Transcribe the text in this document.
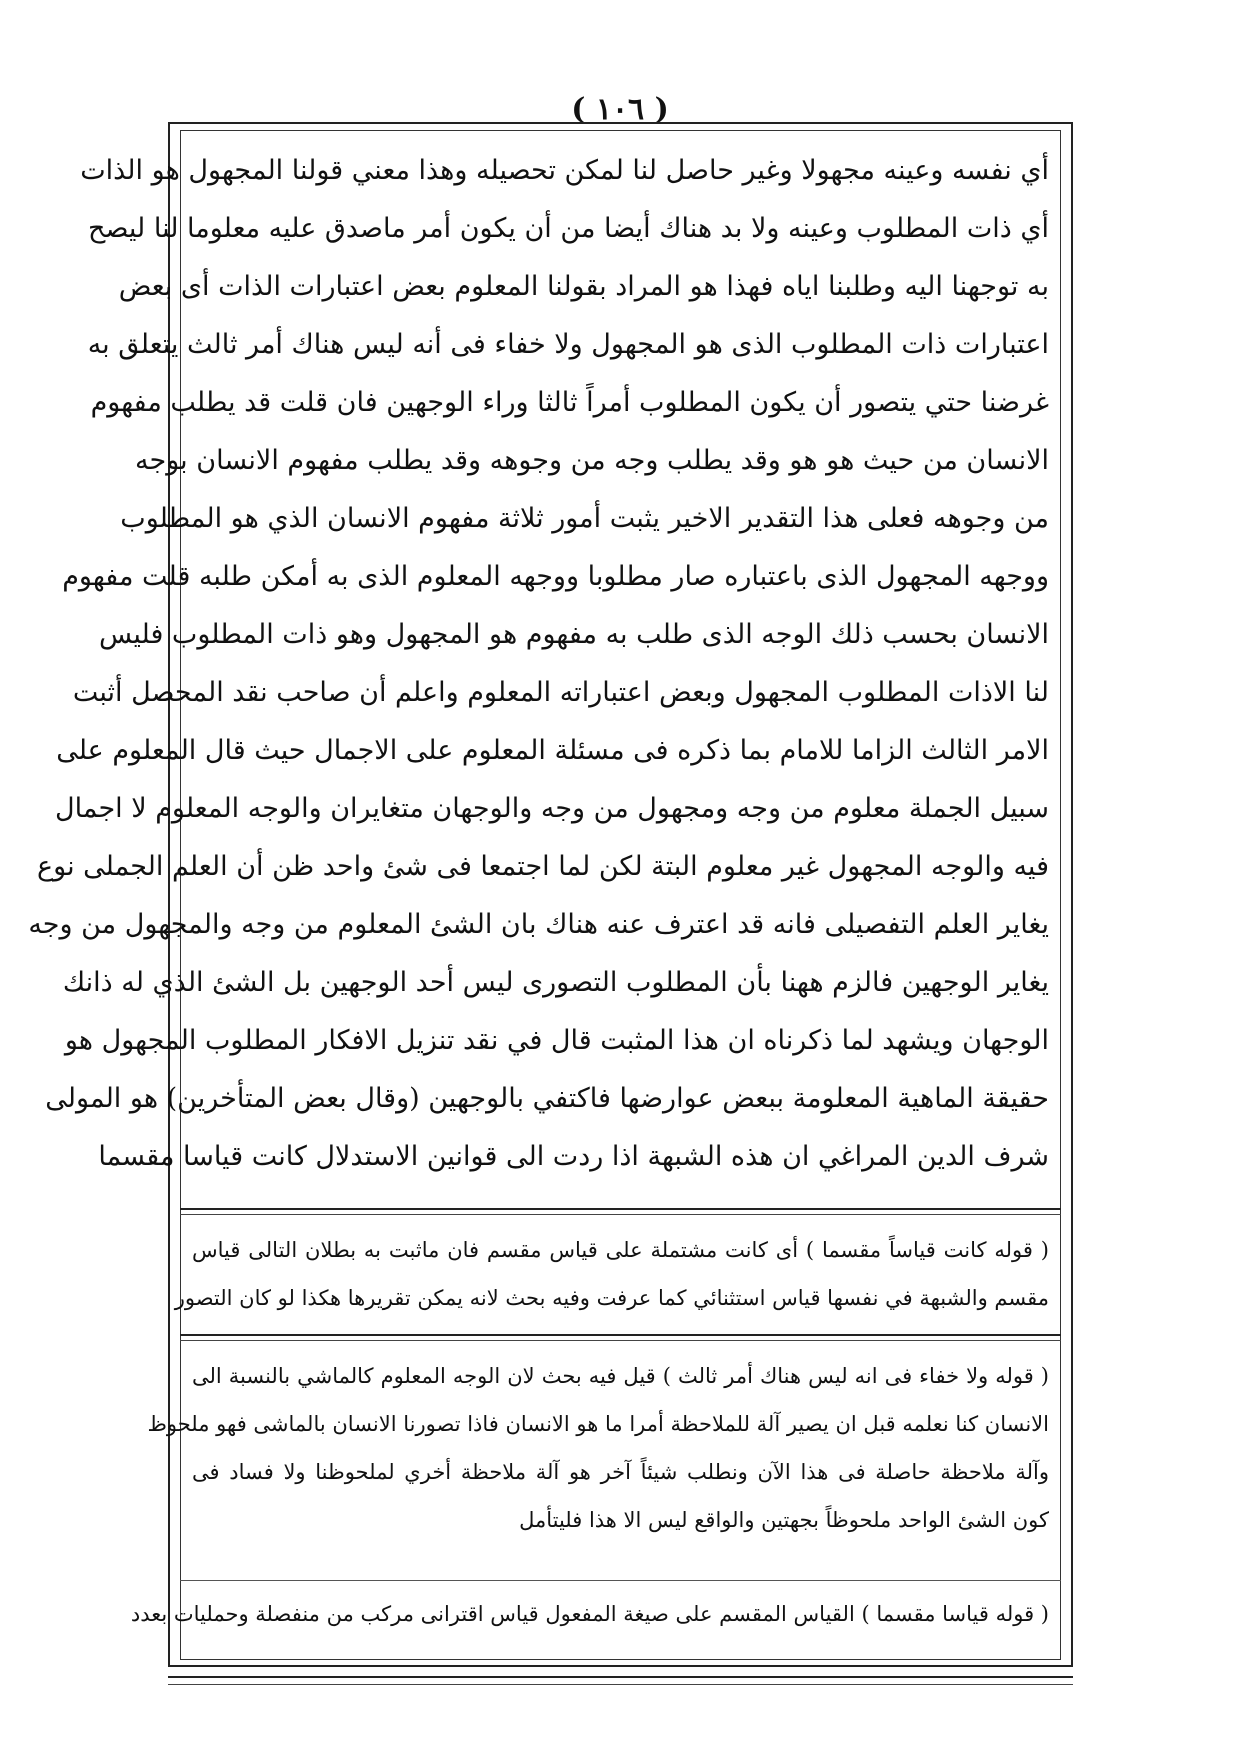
( ١٠٦ )
أي نفسه وعينه مجهولا وغير حاصل لنا لمكن تحصيله وهذا معني قولنا المجهول هو الذات
أي ذات المطلوب وعينه ولا بد هناك أيضا من أن يكون أمر ماصدق عليه معلوما لنا ليصح
به توجهنا اليه وطلبنا اياه فهذا هو المراد بقولنا المعلوم بعض اعتبارات الذات أى بعض
اعتبارات ذات المطلوب الذى هو المجهول ولا خفاء فى أنه ليس هناك أمر ثالث يتعلق به
غرضنا حتي يتصور أن يكون المطلوب أمراً ثالثا وراء الوجهين فان قلت قد يطلب مفهوم
الانسان من حيث هو هو وقد يطلب وجه من وجوهه وقد يطلب مفهوم الانسان بوجه
من وجوهه فعلى هذا التقدير الاخير يثبت أمور ثلاثة مفهوم الانسان الذي هو المطلوب
ووجهه المجهول الذى باعتباره صار مطلوبا ووجهه المعلوم الذى به أمكن طلبه قلت مفهوم
الانسان بحسب ذلك الوجه الذى طلب به مفهوم هو المجهول وهو ذات المطلوب فليس
لنا الاذات المطلوب المجهول وبعض اعتباراته المعلوم واعلم أن صاحب نقد المحصل أثبت
الامر الثالث الزاما للامام بما ذكره فى مسئلة المعلوم على الاجمال حيث قال المعلوم على
سبيل الجملة معلوم من وجه ومجهول من وجه والوجهان متغايران والوجه المعلوم لا اجمال
فيه والوجه المجهول غير معلوم البتة لكن لما اجتمعا فى شئ واحد ظن أن العلم الجملى نوع
يغاير العلم التفصيلى فانه قد اعترف عنه هناك بان الشئ المعلوم من وجه والمجهول من وجه
يغاير الوجهين فالزم ههنا بأن المطلوب التصورى ليس أحد الوجهين بل الشئ الذي له ذانك
الوجهان ويشهد لما ذكرناه ان هذا المثبت قال في نقد تنزيل الافكار المطلوب المجهول هو
حقيقة الماهية المعلومة ببعض عوارضها فاكتفي بالوجهين (وقال بعض المتأخرين) هو المولى
شرف الدين المراغي ان هذه الشبهة اذا ردت الى قوانين الاستدلال كانت قياسا مقسما
( قوله كانت قياساً مقسما ) أى كانت مشتملة على قياس مقسم فان ماثبت به بطلان التالى قياس
مقسم والشبهة في نفسها قياس استثنائي كما عرفت وفيه بحث لانه يمكن تقريرها هكذا لو كان التصور
( قوله ولا خفاء فى انه ليس هناك أمر ثالث ) قيل فيه بحث لان الوجه المعلوم كالماشي بالنسبة الى
الانسان كنا نعلمه قبل ان يصير آلة للملاحظة أمرا ما هو الانسان فاذا تصورنا الانسان بالماشى فهو ملحوظ
وآلة ملاحظة حاصلة فى هذا الآن ونطلب شيئاً آخر هو آلة ملاحظة أخري لملحوظنا ولا فساد فى
كون الشئ الواحد ملحوظاً بجهتين والواقع ليس الا هذا فليتأمل
( قوله قياسا مقسما ) القياس المقسم على صيغة المفعول قياس اقترانى مركب من منفصلة وحمليات بعدد
